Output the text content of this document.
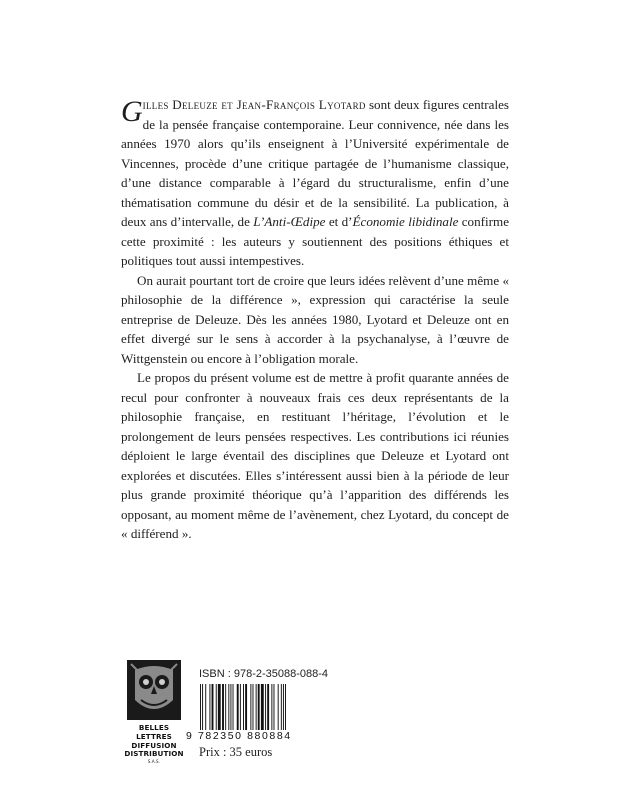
Gilles Deleuze et Jean-François Lyotard sont deux figures centrales de la pensée française contemporaine. Leur connivence, née dans les années 1970 alors qu’ils enseignent à l’Université expérimentale de Vincennes, procède d’une critique partagée de l’humanisme classique, d’une distance comparable à l’égard du structuralisme, enfin d’une thématisation commune du désir et de la sensibilité. La publication, à deux ans d’intervalle, de L’Anti-Œdipe et d’Économie libidinale confirme cette proximité : les auteurs y soutiennent des positions éthiques et politiques tout aussi intempestives.

On aurait pourtant tort de croire que leurs idées relèvent d’une même « philosophie de la différence », expression qui caractérise la seule entreprise de Deleuze. Dès les années 1980, Lyotard et Deleuze ont en effet divergé sur le sens à accorder à la psychanalyse, à l’œuvre de Wittgenstein ou encore à l’obligation morale.

Le propos du présent volume est de mettre à profit quarante années de recul pour confronter à nouveaux frais ces deux représentants de la philosophie française, en restituant l’héritage, l’évolution et le prolongement de leurs pensées respectives. Les contributions ici réunies déploient le large éventail des disciplines que Deleuze et Lyotard ont explorées et discutées. Elles s’intéressent aussi bien à la période de leur plus grande proximité théorique qu’à l’apparition des différends les opposant, au moment même de l’avènement, chez Lyotard, du concept de « différend ».

BELLES LETTRES
DIFFUSION
DISTRIBUTION
S.A.S.
ISBN : 978-2-35088-088-4
9 782350 880884
Prix : 35 euros
